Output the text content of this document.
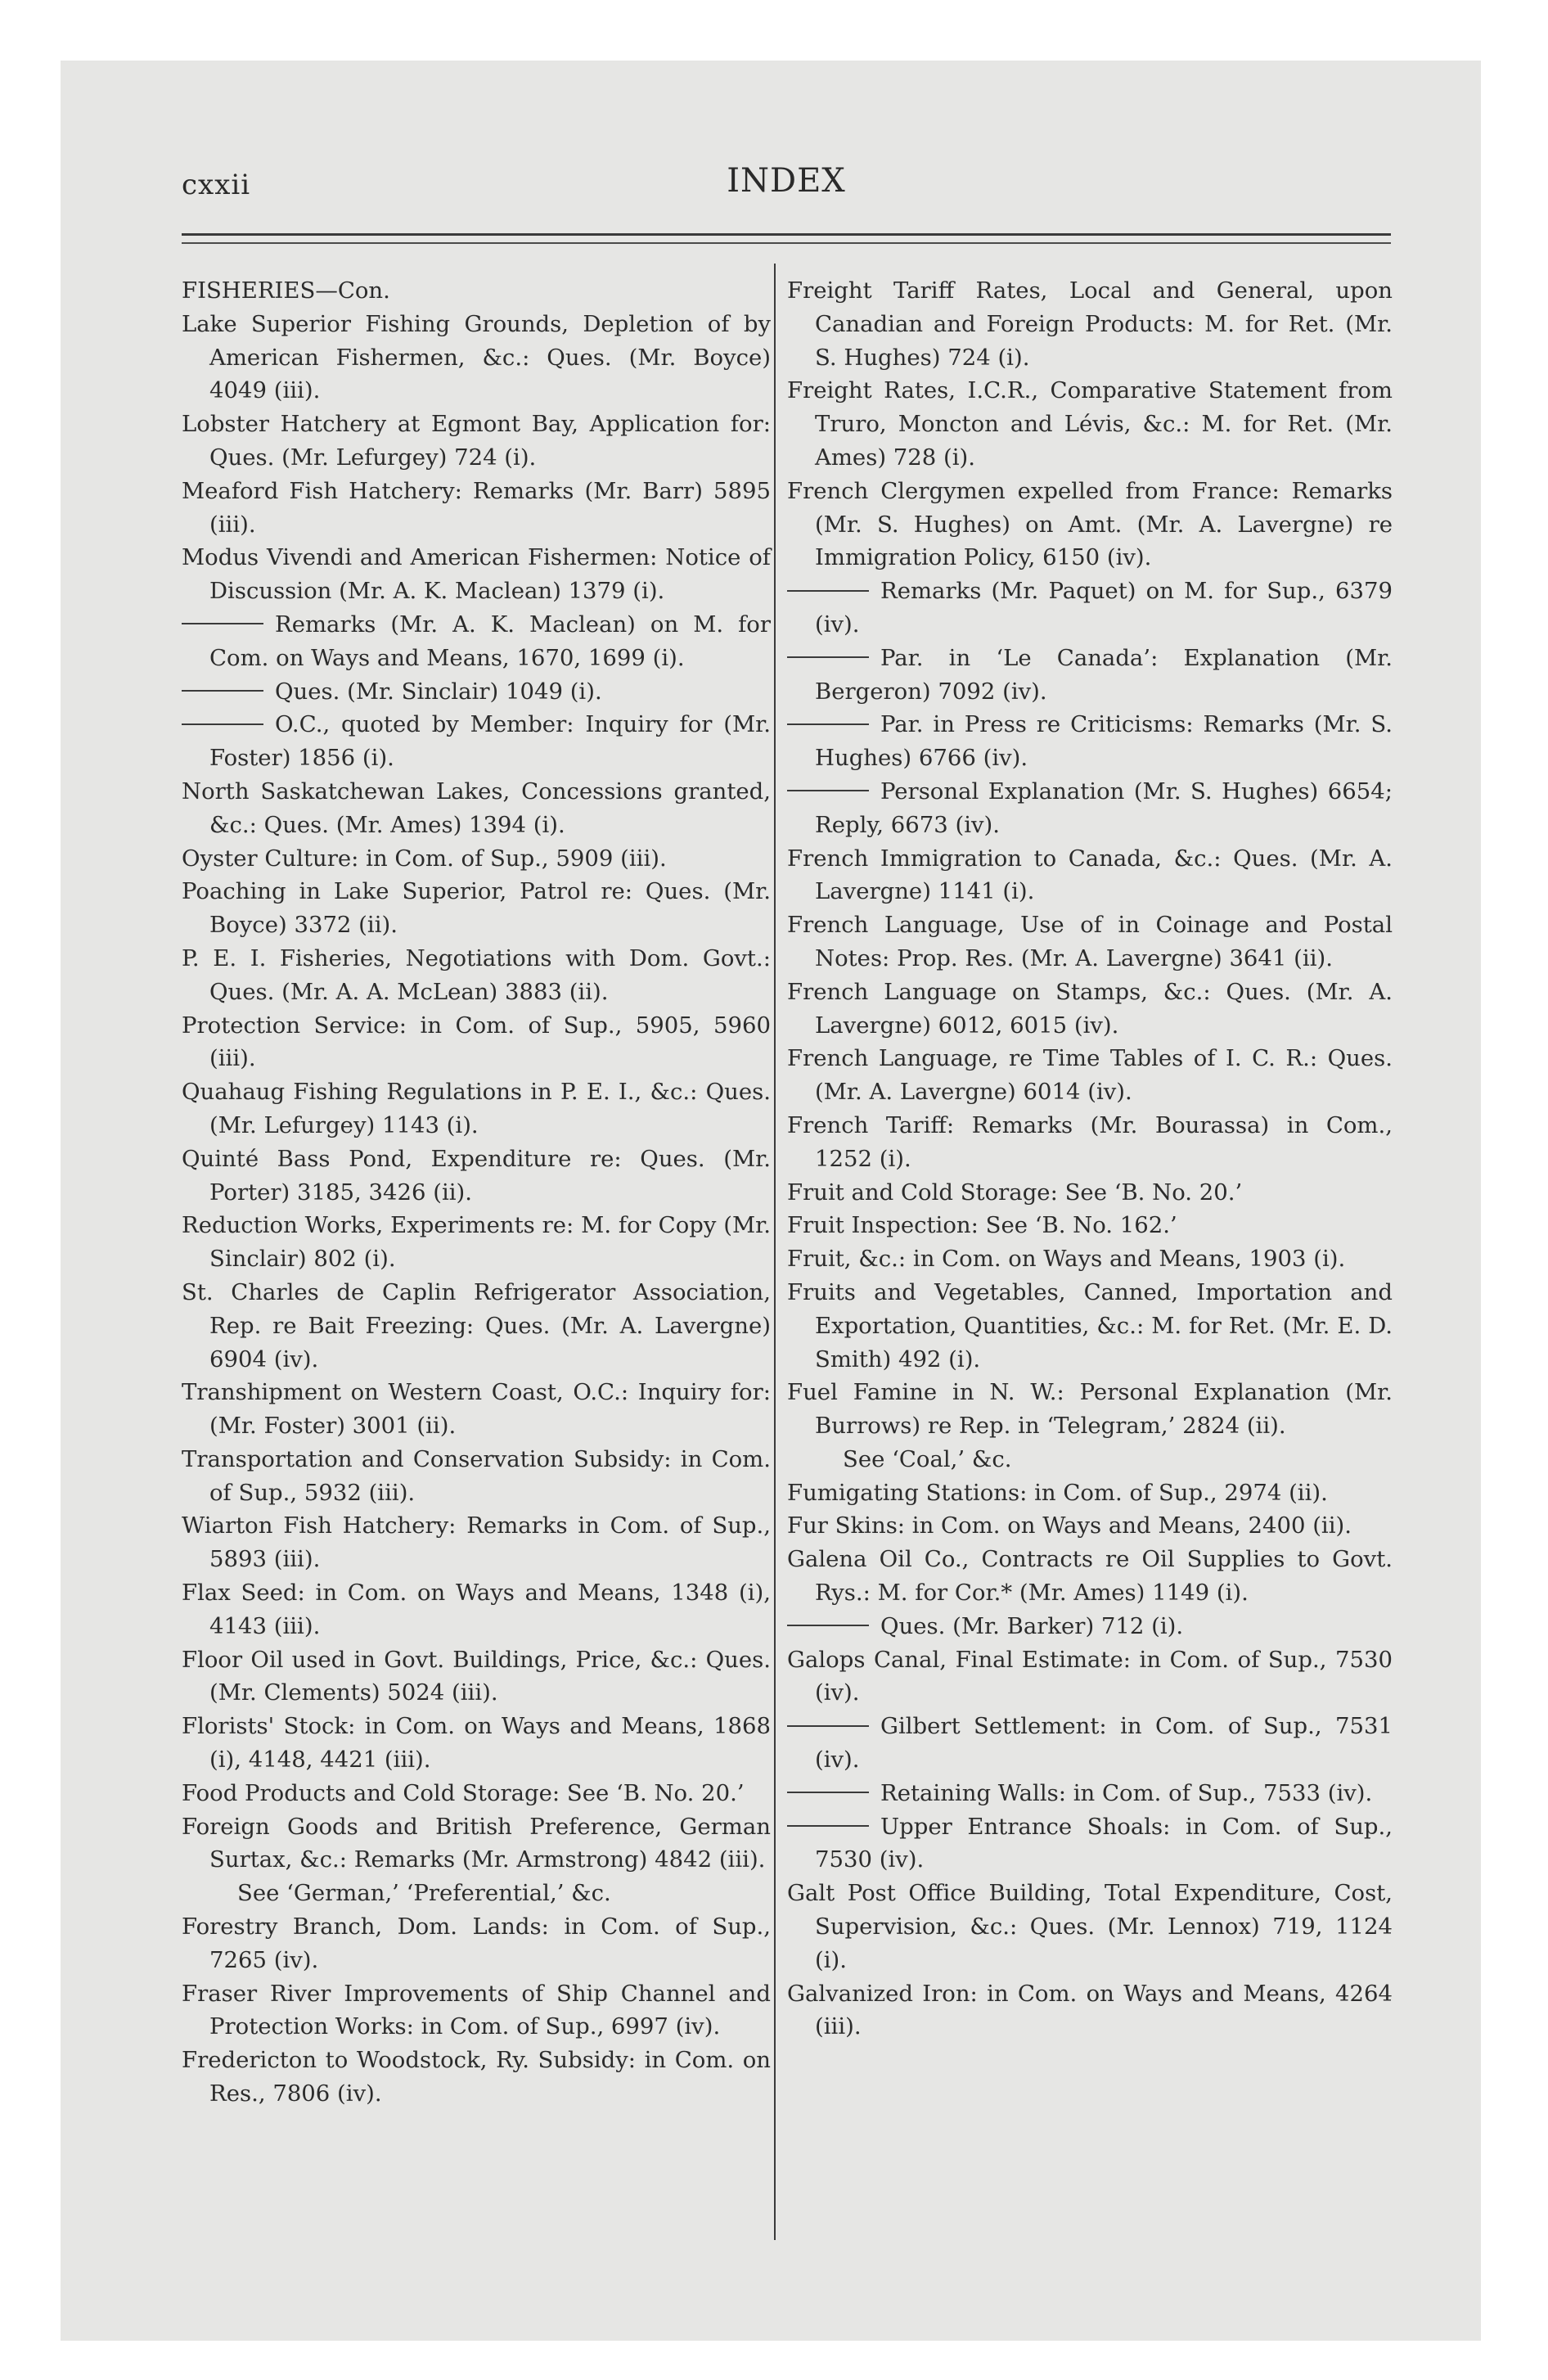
cxxii	INDEX

FISHERIES—Con.

Lake Superior Fishing Grounds, Depletion of by American Fishermen, &c.: Ques. (Mr. Boyce) 4049 (iii).

Lobster Hatchery at Egmont Bay, Application for: Ques. (Mr. Lefurgey) 724 (i).

Meaford Fish Hatchery: Remarks (Mr. Barr) 5895 (iii).

Modus Vivendi and American Fishermen: Notice of Discussion (Mr. A. K. Maclean) 1379 (i).

Remarks (Mr. A. K. Maclean) on M. for Com. on Ways and Means, 1670, 1699 (i).

Ques. (Mr. Sinclair) 1049 (i).

O.C., quoted by Member: Inquiry for (Mr. Foster) 1856 (i).

North Saskatchewan Lakes, Concessions granted, &c.: Ques. (Mr. Ames) 1394 (i).

Oyster Culture: in Com. of Sup., 5909 (iii).

Poaching in Lake Superior, Patrol re: Ques. (Mr. Boyce) 3372 (ii).

P. E. I. Fisheries, Negotiations with Dom. Govt.: Ques. (Mr. A. A. McLean) 3883 (ii).

Protection Service: in Com. of Sup., 5905, 5960 (iii).

Quahaug Fishing Regulations in P. E. I., &c.: Ques. (Mr. Lefurgey) 1143 (i).

Quinté Bass Pond, Expenditure re: Ques. (Mr. Porter) 3185, 3426 (ii).

Reduction Works, Experiments re: M. for Copy (Mr. Sinclair) 802 (i).

St. Charles de Caplin Refrigerator Association, Rep. re Bait Freezing: Ques. (Mr. A. Lavergne) 6904 (iv).

Transhipment on Western Coast, O.C.: Inquiry for: (Mr. Foster) 3001 (ii).

Transportation and Conservation Subsidy: in Com. of Sup., 5932 (iii).

Wiarton Fish Hatchery: Remarks in Com. of Sup., 5893 (iii).

Flax Seed: in Com. on Ways and Means, 1348 (i), 4143 (iii).

Floor Oil used in Govt. Buildings, Price, &c.: Ques. (Mr. Clements) 5024 (iii).

Florists' Stock: in Com. on Ways and Means, 1868 (i), 4148, 4421 (iii).

Food Products and Cold Storage: See ‘B. No. 20.’

Foreign Goods and British Preference, German Surtax, &c.: Remarks (Mr. Armstrong) 4842 (iii).

See ‘German,’ ‘Preferential,’ &c.

Forestry Branch, Dom. Lands: in Com. of Sup., 7265 (iv).

Fraser River Improvements of Ship Channel and Protection Works: in Com. of Sup., 6997 (iv).

Fredericton to Woodstock, Ry. Subsidy: in Com. on Res., 7806 (iv).

Freight Tariff Rates, Local and General, upon Canadian and Foreign Products: M. for Ret. (Mr. S. Hughes) 724 (i).

Freight Rates, I.C.R., Comparative Statement from Truro, Moncton and Lévis, &c.: M. for Ret. (Mr. Ames) 728 (i).

French Clergymen expelled from France: Remarks (Mr. S. Hughes) on Amt. (Mr. A. Lavergne) re Immigration Policy, 6150 (iv).

Remarks (Mr. Paquet) on M. for Sup., 6379 (iv).

Par. in ‘Le Canada’: Explanation (Mr. Bergeron) 7092 (iv).

Par. in Press re Criticisms: Remarks (Mr. S. Hughes) 6766 (iv).

Personal Explanation (Mr. S. Hughes) 6654; Reply, 6673 (iv).

French Immigration to Canada, &c.: Ques. (Mr. A. Lavergne) 1141 (i).

French Language, Use of in Coinage and Postal Notes: Prop. Res. (Mr. A. Lavergne) 3641 (ii).

French Language on Stamps, &c.: Ques. (Mr. A. Lavergne) 6012, 6015 (iv).

French Language, re Time Tables of I. C. R.: Ques. (Mr. A. Lavergne) 6014 (iv).

French Tariff: Remarks (Mr. Bourassa) in Com., 1252 (i).

Fruit and Cold Storage: See ‘B. No. 20.’

Fruit Inspection: See ‘B. No. 162.’

Fruit, &c.: in Com. on Ways and Means, 1903 (i).

Fruits and Vegetables, Canned, Importation and Exportation, Quantities, &c.: M. for Ret. (Mr. E. D. Smith) 492 (i).

Fuel Famine in N. W.: Personal Explanation (Mr. Burrows) re Rep. in ‘Telegram,’ 2824 (ii).

See ‘Coal,’ &c.

Fumigating Stations: in Com. of Sup., 2974 (ii).

Fur Skins: in Com. on Ways and Means, 2400 (ii).

Galena Oil Co., Contracts re Oil Supplies to Govt. Rys.: M. for Cor.* (Mr. Ames) 1149 (i).

Ques. (Mr. Barker) 712 (i).

Galops Canal, Final Estimate: in Com. of Sup., 7530 (iv).

Gilbert Settlement: in Com. of Sup., 7531 (iv).

Retaining Walls: in Com. of Sup., 7533 (iv).

Upper Entrance Shoals: in Com. of Sup., 7530 (iv).

Galt Post Office Building, Total Expenditure, Cost, Supervision, &c.: Ques. (Mr. Lennox) 719, 1124 (i).

Galvanized Iron: in Com. on Ways and Means, 4264 (iii).
